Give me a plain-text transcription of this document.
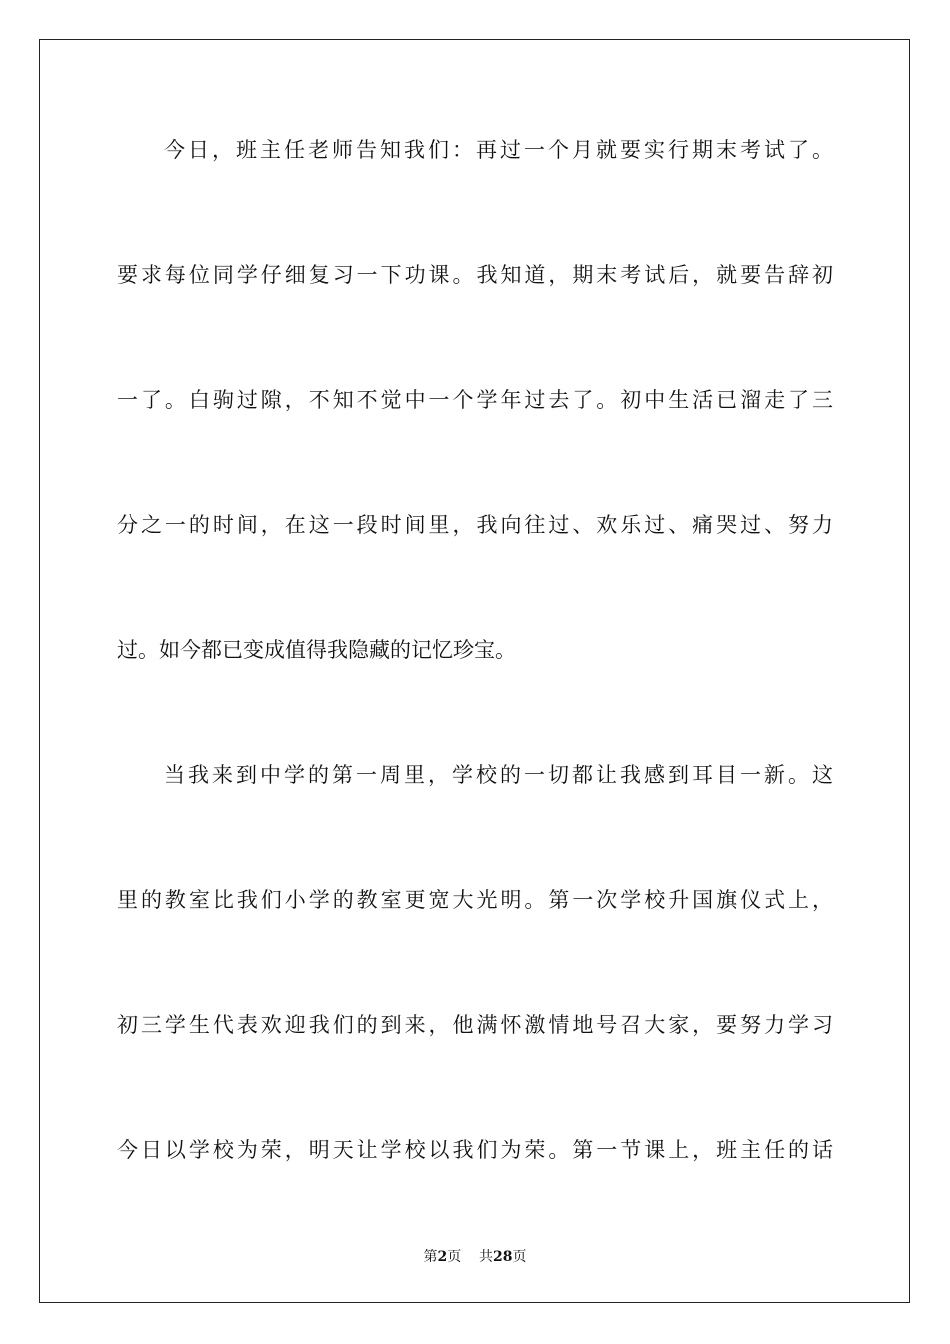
今日，班主任老师告知我们：再过一个月就要实行期末考试了。
要求每位同学仔细复习一下功课。我知道，期末考试后，就要告辞初
一了。白驹过隙，不知不觉中一个学年过去了。初中生活已溜走了三
分之一的时间，在这一段时间里，我向往过、欢乐过、痛哭过、努力
过。如今都已变成值得我隐藏的记忆珍宝。
当我来到中学的第一周里，学校的一切都让我感到耳目一新。这
里的教室比我们小学的教室更宽大光明。第一次学校升国旗仪式上，
初三学生代表欢迎我们的到来，他满怀激情地号召大家，要努力学习
今日以学校为荣，明天让学校以我们为荣。第一节课上，班主任的话
第2页 共28页
